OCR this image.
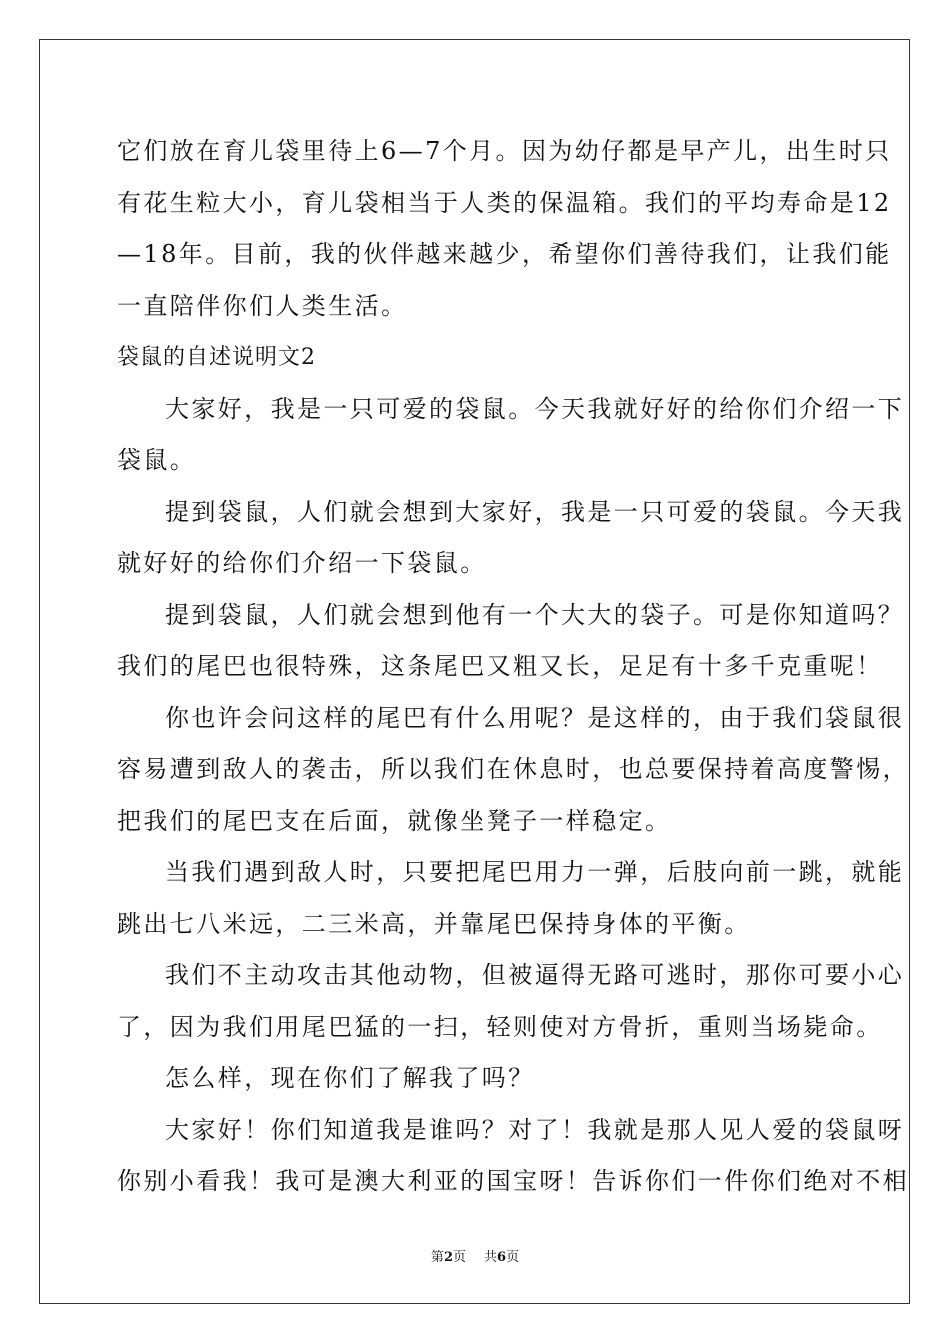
它们放在育儿袋里待上6—7个月。因为幼仔都是早产儿，出生时只
有花生粒大小，育儿袋相当于人类的保温箱。我们的平均寿命是12
—18年。目前，我的伙伴越来越少，希望你们善待我们，让我们能
一直陪伴你们人类生活。
袋鼠的自述说明文2
大家好，我是一只可爱的袋鼠。今天我就好好的给你们介绍一下
袋鼠。
提到袋鼠，人们就会想到大家好，我是一只可爱的袋鼠。今天我
就好好的给你们介绍一下袋鼠。
提到袋鼠，人们就会想到他有一个大大的袋子。可是你知道吗？
我们的尾巴也很特殊，这条尾巴又粗又长，足足有十多千克重呢！
你也许会问这样的尾巴有什么用呢？是这样的，由于我们袋鼠很
容易遭到敌人的袭击，所以我们在休息时，也总要保持着高度警惕，
把我们的尾巴支在后面，就像坐凳子一样稳定。
当我们遇到敌人时，只要把尾巴用力一弹，后肢向前一跳，就能
跳出七八米远，二三米高，并靠尾巴保持身体的平衡。
我们不主动攻击其他动物，但被逼得无路可逃时，那你可要小心
了，因为我们用尾巴猛的一扫，轻则使对方骨折，重则当场毙命。
怎么样，现在你们了解我了吗？
大家好！你们知道我是谁吗？对了！我就是那人见人爱的袋鼠呀
你别小看我！我可是澳大利亚的国宝呀！告诉你们一件你们绝对不相
第2页 共6页
